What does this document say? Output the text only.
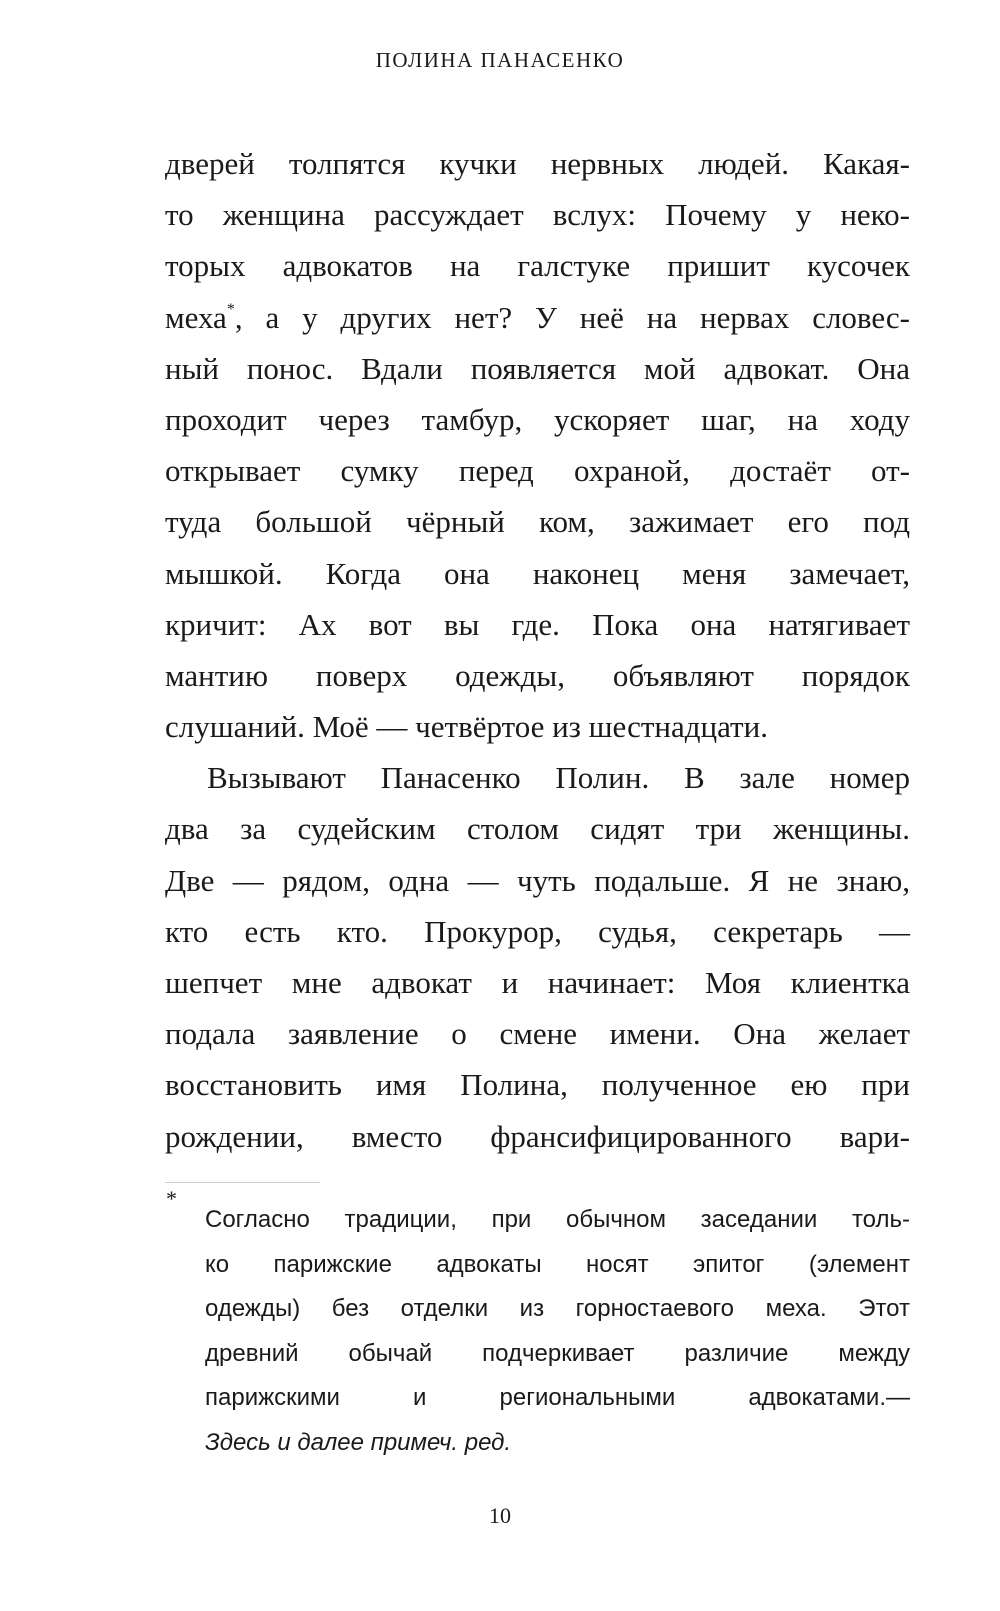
ПОЛИНА ПАНАСЕНКО
дверей толпятся кучки нервных людей. Какая-
то женщина рассуждает вслух: Почему у неко-
торых адвокатов на галстуке пришит кусочек
меха*, а у других нет? У неё на нервах словес-
ный понос. Вдали появляется мой адвокат. Она
проходит через тамбур, ускоряет шаг, на ходу
открывает сумку перед охраной, достаёт от-
туда большой чёрный ком, зажимает его под
мышкой. Когда она наконец меня замечает,
кричит: Ах вот вы где. Пока она натягивает
мантию поверх одежды, объявляют порядок
слушаний. Моё — четвёртое из шестнадцати.
Вызывают Панасенко Полин. В зале номер
два за судейским столом сидят три женщины.
Две — рядом, одна — чуть подальше. Я не знаю,
кто есть кто. Прокурор, судья, секретарь —
шепчет мне адвокат и начинает: Моя клиентка
подала заявление о смене имени. Она желает
восстановить имя Полина, полученное ею при
рождении, вместо франсифицированного вари-
*
Согласно традиции, при обычном заседании толь-
ко парижские адвокаты носят эпитог (элемент
одежды) без отделки из горностаевого меха. Этот
древний обычай подчеркивает различие между
парижскими и региональными адвокатами.—
Здесь и далее примеч. ред.
10
